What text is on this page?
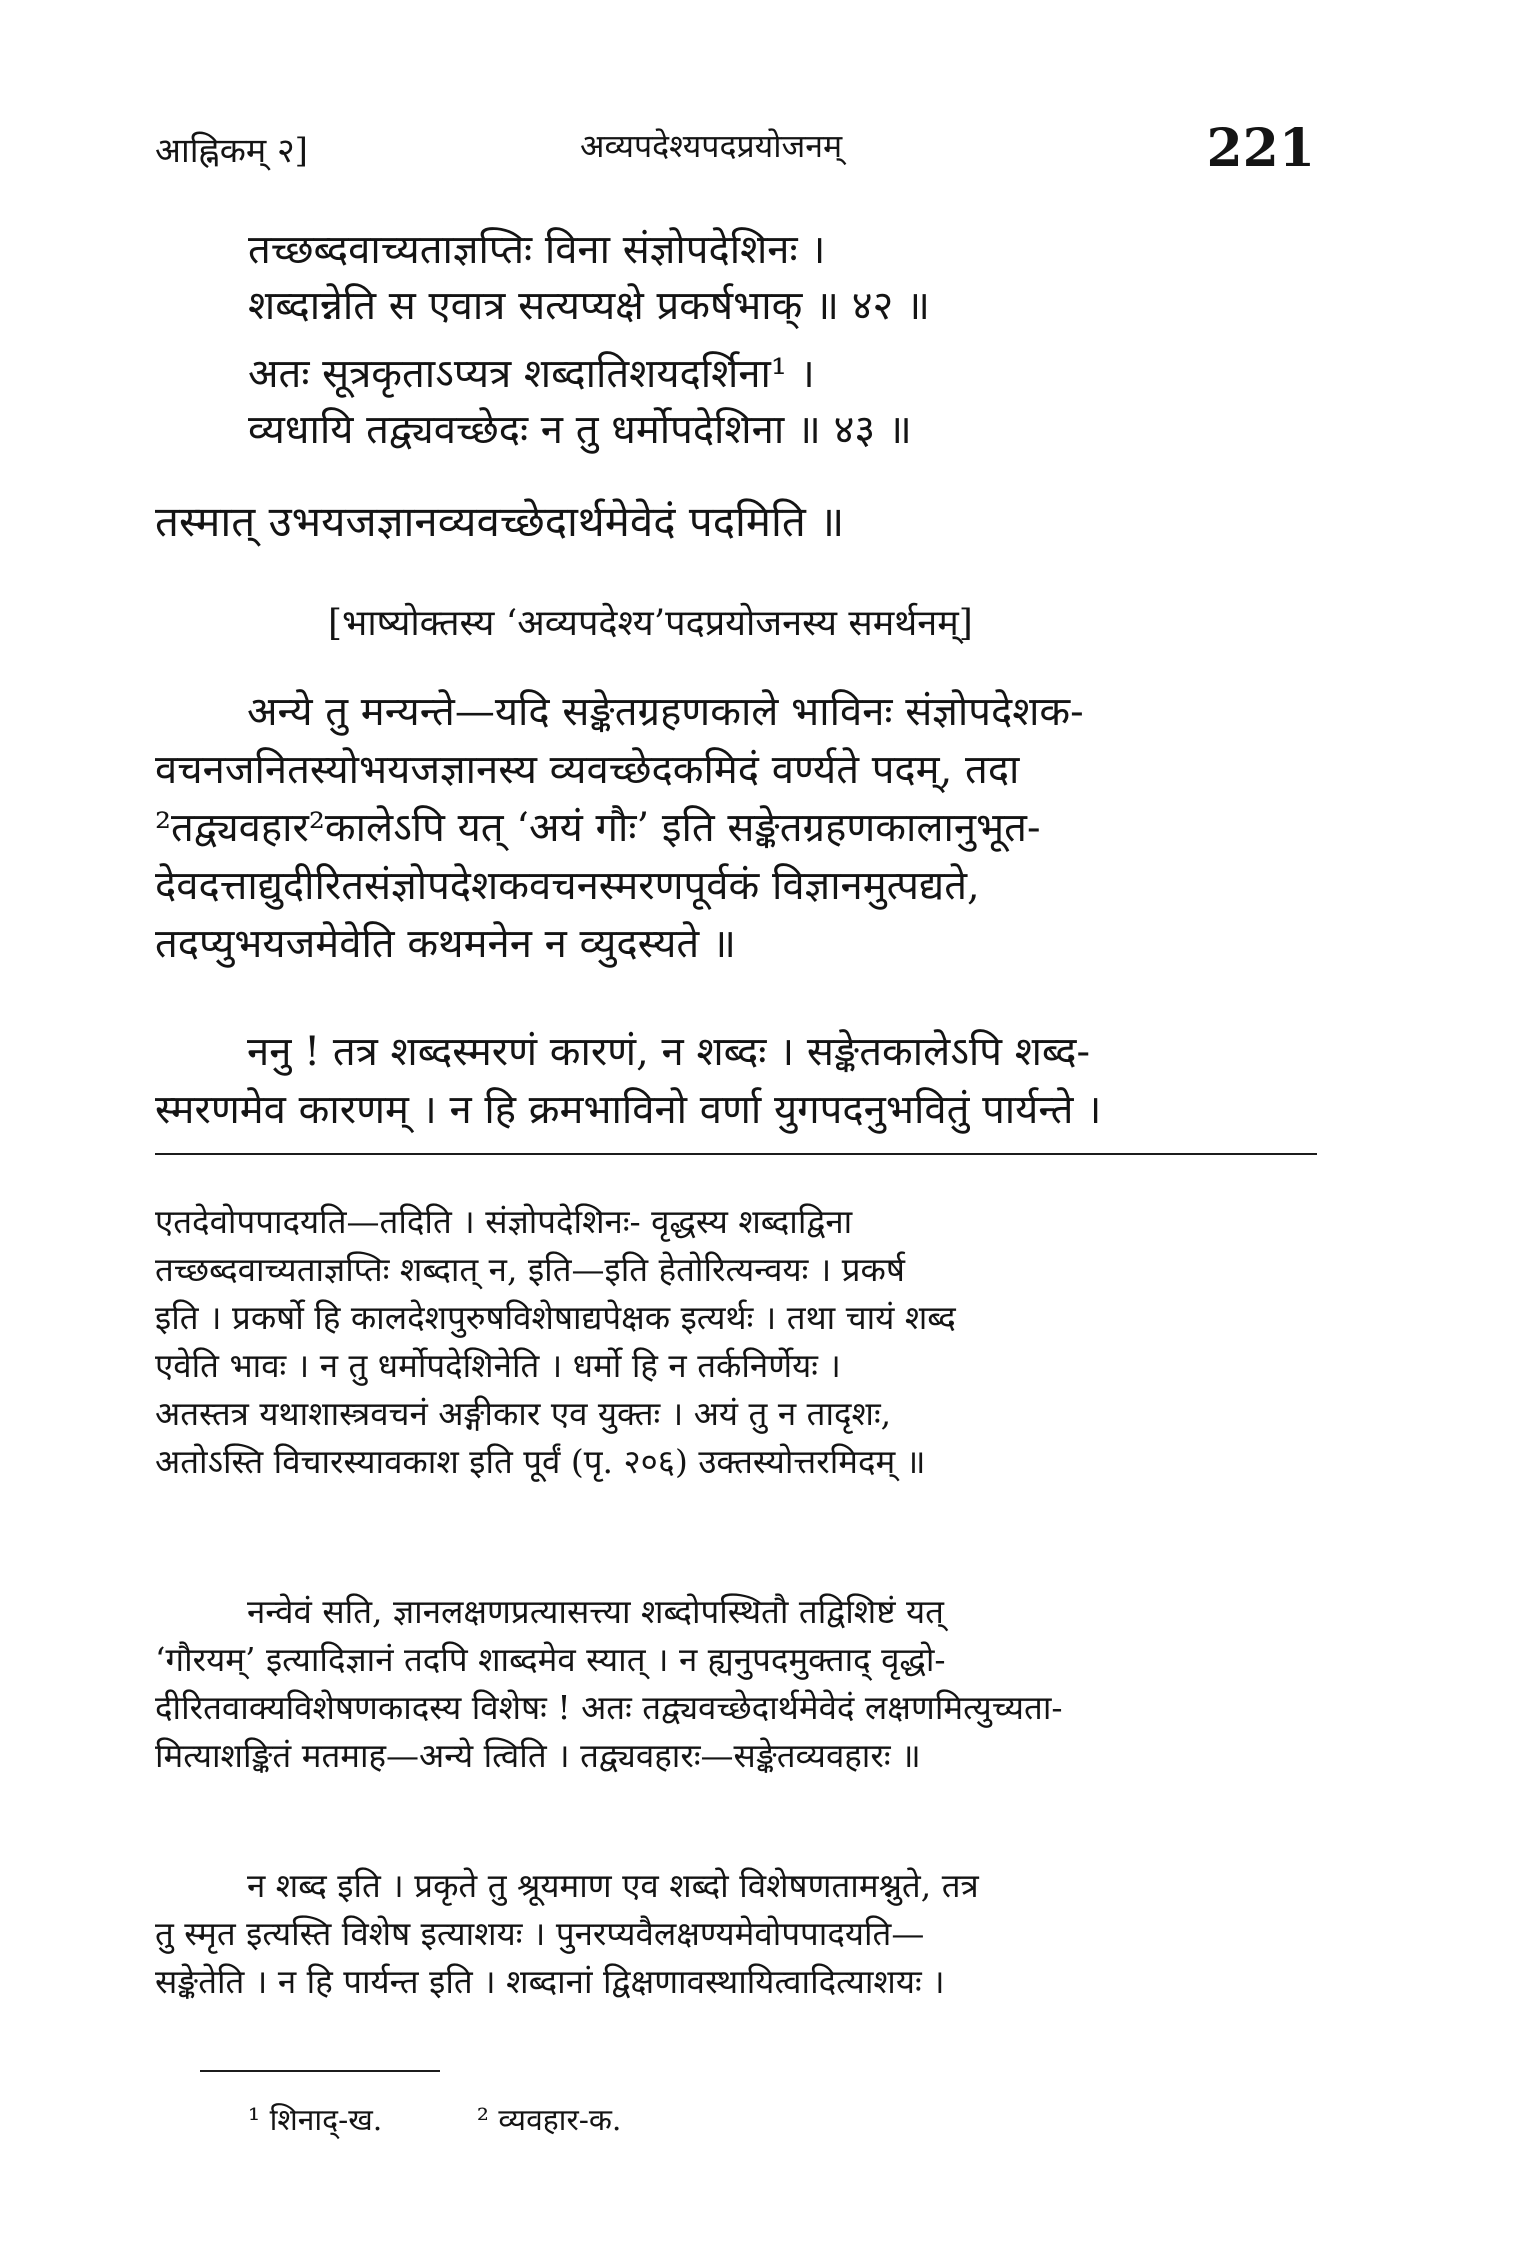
आह्निकम् २]	अव्यपदेश्यपदप्रयोजनम्	221
तच्छब्दवाच्यताज्ञप्तिः विना संज्ञोपदेशिनः ।
शब्दान्नेति स एवात्र सत्यप्यक्षे प्रकर्षभाक् ॥ ४२ ॥
अतः सूत्रकृताऽप्यत्र शब्दातिशयदर्शिना¹ ।
व्यधायि तद्व्यवच्छेदः न तु धर्मोपदेशिना ॥ ४३ ॥
तस्मात् उभयजज्ञानव्यवच्छेदार्थमेवेदं पदमिति ॥
[भाष्योक्तस्य ‘अव्यपदेश्य’पदप्रयोजनस्य समर्थनम्]
अन्ये तु मन्यन्ते—यदि सङ्केतग्रहणकाले भाविनः संज्ञोपदेशक-
वचनजनितस्योभयजज्ञानस्य व्यवच्छेदकमिदं वर्ण्यते पदम्, तदा
²तद्व्यवहार²कालेऽपि यत् ‘अयं गौः’ इति सङ्केतग्रहणकालानुभूत-
देवदत्ताद्युदीरितसंज्ञोपदेशकवचनस्मरणपूर्वकं विज्ञानमुत्पद्यते,
तदप्युभयजमेवेति कथमनेन न व्युदस्यते ॥
ननु ! तत्र शब्दस्मरणं कारणं, न शब्दः । सङ्केतकालेऽपि शब्द-
स्मरणमेव कारणम् । न हि क्रमभाविनो वर्णा युगपदनुभवितुं पार्यन्ते ।
एतदेवोपपादयति—तदिति । संज्ञोपदेशिनः- वृद्धस्य शब्दाद्विना
तच्छब्दवाच्यताज्ञप्तिः शब्दात् न, इति—इति हेतोरित्यन्वयः । प्रकर्ष
इति । प्रकर्षो हि कालदेशपुरुषविशेषाद्यपेक्षक इत्यर्थः । तथा चायं शब्द
एवेति भावः । न तु धर्मोपदेशिनेति । धर्मो हि न तर्कनिर्णेयः ।
अतस्तत्र यथाशास्त्रवचनं अङ्गीकार एव युक्तः । अयं तु न तादृशः,
अतोऽस्ति विचारस्यावकाश इति पूर्वं (पृ. २०६) उक्तस्योत्तरमिदम् ॥
नन्वेवं सति, ज्ञानलक्षणप्रत्यासत्त्या शब्दोपस्थितौ तद्विशिष्टं यत्
‘गौरयम्’ इत्यादिज्ञानं तदपि शाब्दमेव स्यात् । न ह्यनुपदमुक्ताद् वृद्धो-
दीरितवाक्यविशेषणकादस्य विशेषः ! अतः तद्व्यवच्छेदार्थमेवेदं लक्षणमित्युच्यता-
मित्याशङ्कितं मतमाह—अन्ये त्विति । तद्व्यवहारः—सङ्केतव्यवहारः ॥
न शब्द इति । प्रकृते तु श्रूयमाण एव शब्दो विशेषणतामश्नुते, तत्र
तु स्मृत इत्यस्ति विशेष इत्याशयः । पुनरप्यवैलक्षण्यमेवोपपादयति—
सङ्केतेति । न हि पार्यन्त इति । शब्दानां द्विक्षणावस्थायित्वादित्याशयः ।
¹ शिनाद्-ख.	² व्यवहार-क.
